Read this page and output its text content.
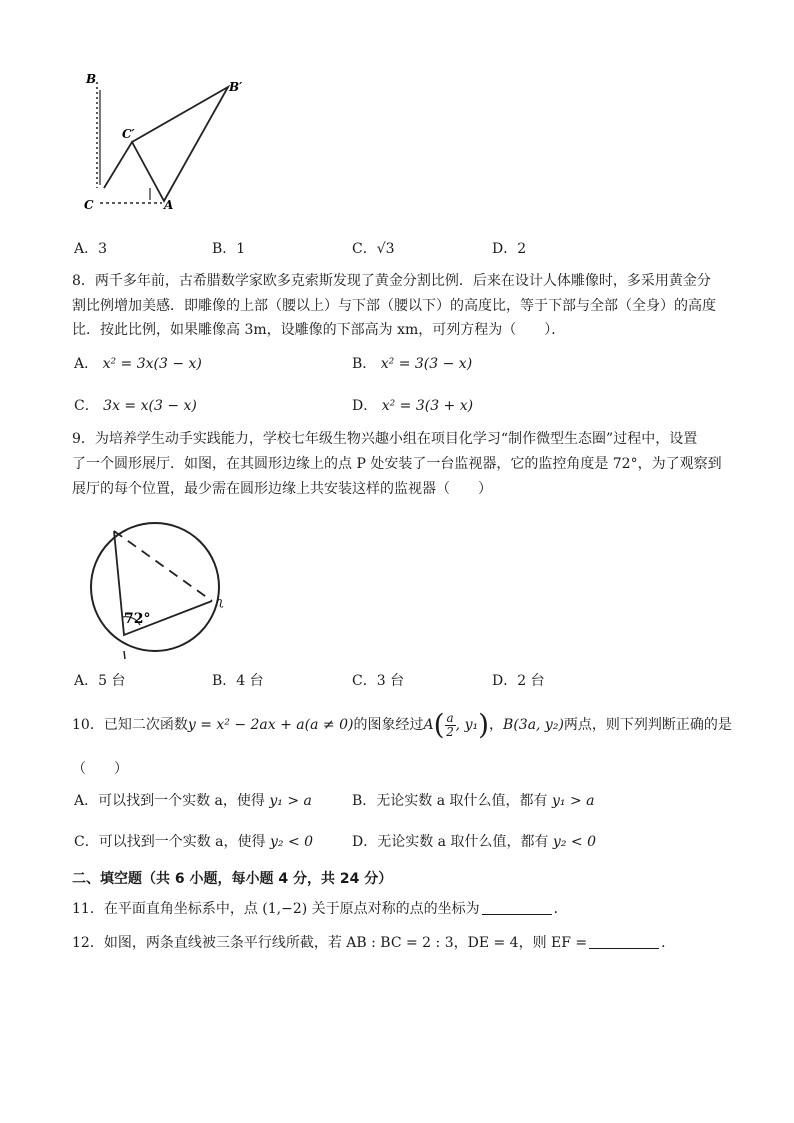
B
B′
C′
C	A
A．3	B．1	C．√3	D．2
8．两千多年前，古希腊数学家欧多克索斯发现了黄金分割比例．后来在设计人体雕像时，多采用黄金分
割比例增加美感．即雕像的上部（腰以上）与下部（腰以下）的高度比，等于下部与全部（全身）的高度
比．按此比例，如果雕像高 3m，设雕像的下部高为 xm，可列方程为（　　）．
A． x² = 3x(3 − x)	B． x² = 3(3 − x)
C． 3x = x(3 − x)	D． x² = 3(3 + x)
9．为培养学生动手实践能力，学校七年级生物兴趣小组在项目化学习“制作微型生态圈”过程中，设置
了一个圆形展厅．如图，在其圆形边缘上的点 P 处安装了一台监视器，它的监控角度是 72°，为了观察到
展厅的每个位置，最少需在圆形边缘上共安装这样的监视器（　　）
ʅ
72°
A．5 台	B．4 台	C．3 台	D．2 台
10．已知二次函数 y = x² − 2ax + a(a ≠ 0) 的图象经过 A ( $\frac{a}{2}$ , y₁ ) ， B(3a, y₂) 两点，则下列判断正确的是
（　　）
A．可以找到一个实数 a，使得 y₁ > a	B．无论实数 a 取什么值，都有 y₁ > a
C．可以找到一个实数 a，使得 y₂ < 0	D．无论实数 a 取什么值，都有 y₂ < 0
二、填空题（共 6 小题，每小题 4 分，共 24 分）
11．在平面直角坐标系中，点 (1,−2) 关于原点对称的点的坐标为	．
12．如图，两条直线被三条平行线所截，若 AB : BC = 2 : 3，DE = 4，则 EF =	．
